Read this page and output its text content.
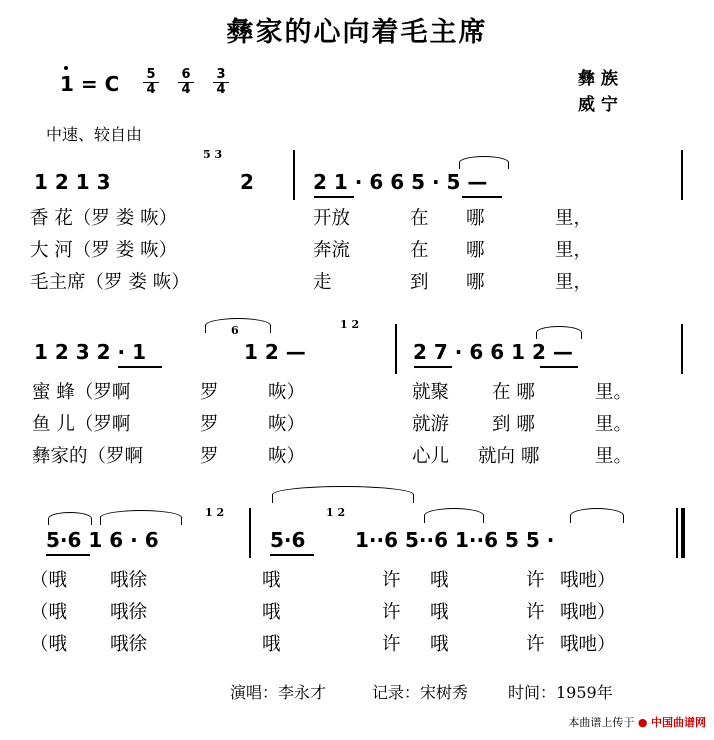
彝家的心向着毛主席
1 = C $\frac{5}{4} \frac{6}{4} \frac{3}{4}$	彝 族
威 宁
中速、较自由
1 2 1 3
5 3
2	2 1 · 6 6 5 · 5 —
香 花（罗 娄 咴）	开放	在 哪	里，
大 河（罗 娄 咴）	奔流	在 哪	里，
毛主席（罗 娄 咴）	走	到 哪	里，
1 2 3 2 · 1
6
1 2 —
1 2
2 7 · 6 6 1 2 —
蜜 蜂（罗啊	罗	咴）	就聚 在 哪	里。
鱼 儿（罗啊	罗	咴）	就游 到 哪	里。
彝家的（罗啊	罗	咴）	心儿 就向 哪	里。
5·6 1 6 · 6
1 2
5·6
1 2
1··6 5··6 1··6 5 5 ·
（哦 哦徐	哦	许 哦	许 哦吔）
（哦 哦徐	哦	许 哦	许 哦吔）
（哦 哦徐	哦	许 哦	许 哦吔）
演唱：李永才	记录：宋树秀 时间：1959年
本曲谱上传于 ● 中国曲谱网
